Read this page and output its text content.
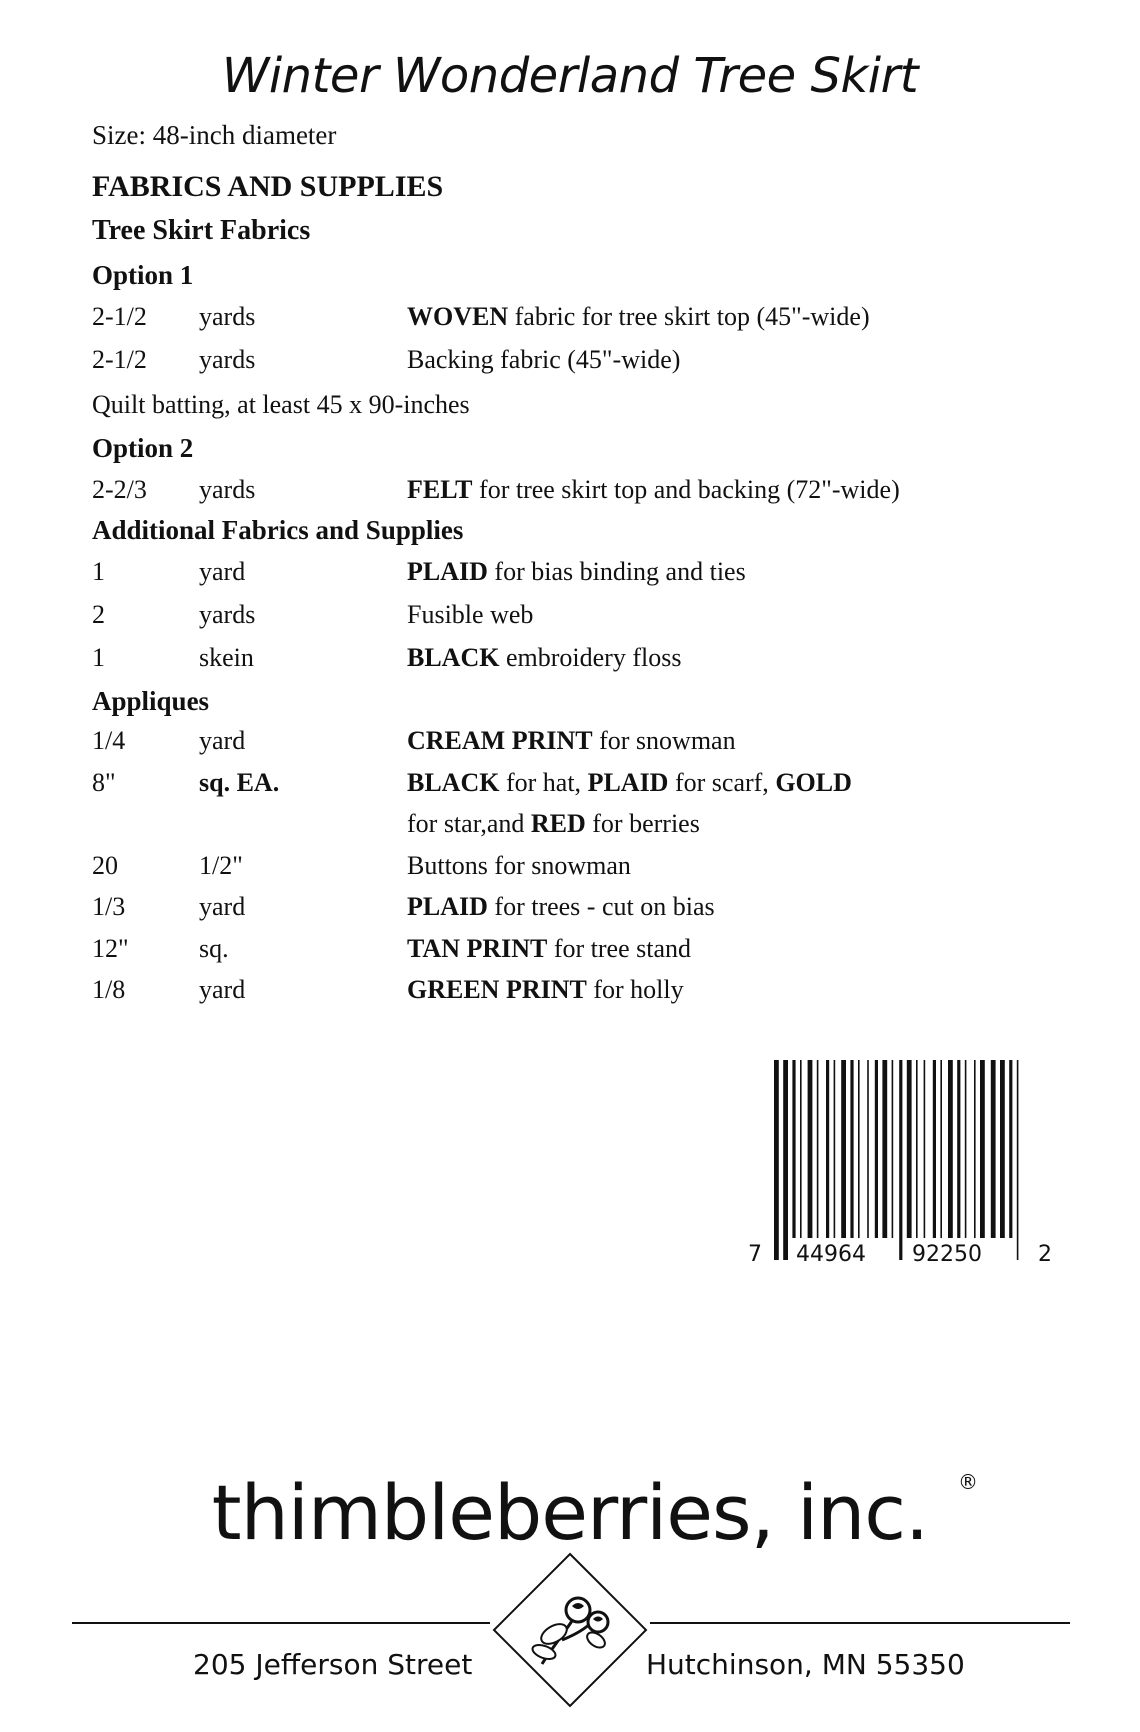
Winter Wonderland Tree Skirt
Size: 48-inch diameter
FABRICS AND SUPPLIES
Tree Skirt Fabrics
Option 1
2-1/2 yards	WOVEN fabric for tree skirt top (45"-wide)
2-1/2 yards	Backing fabric (45"-wide)
Quilt batting, at least 45 x 90-inches
Option 2
2-2/3 yards	FELT for tree skirt top and backing (72"-wide)
Additional Fabrics and Supplies
1	yard	PLAID for bias binding and ties
2	yards	Fusible web
1	skein	BLACK embroidery floss
Appliques
1/4	yard	CREAM PRINT for snowman
8"	sq. EA.	BLACK for hat, PLAID for scarf, GOLD
for star,and RED for berries
20	1/2"	Buttons for snowman
1/3	yard	PLAID for trees - cut on bias
12"	sq.	TAN PRINT for tree stand
1/8	yard	GREEN PRINT for holly
7 44964 92250	2
thimbleberries, inc.	®
205 Jefferson Street	Hutchinson, MN 55350
